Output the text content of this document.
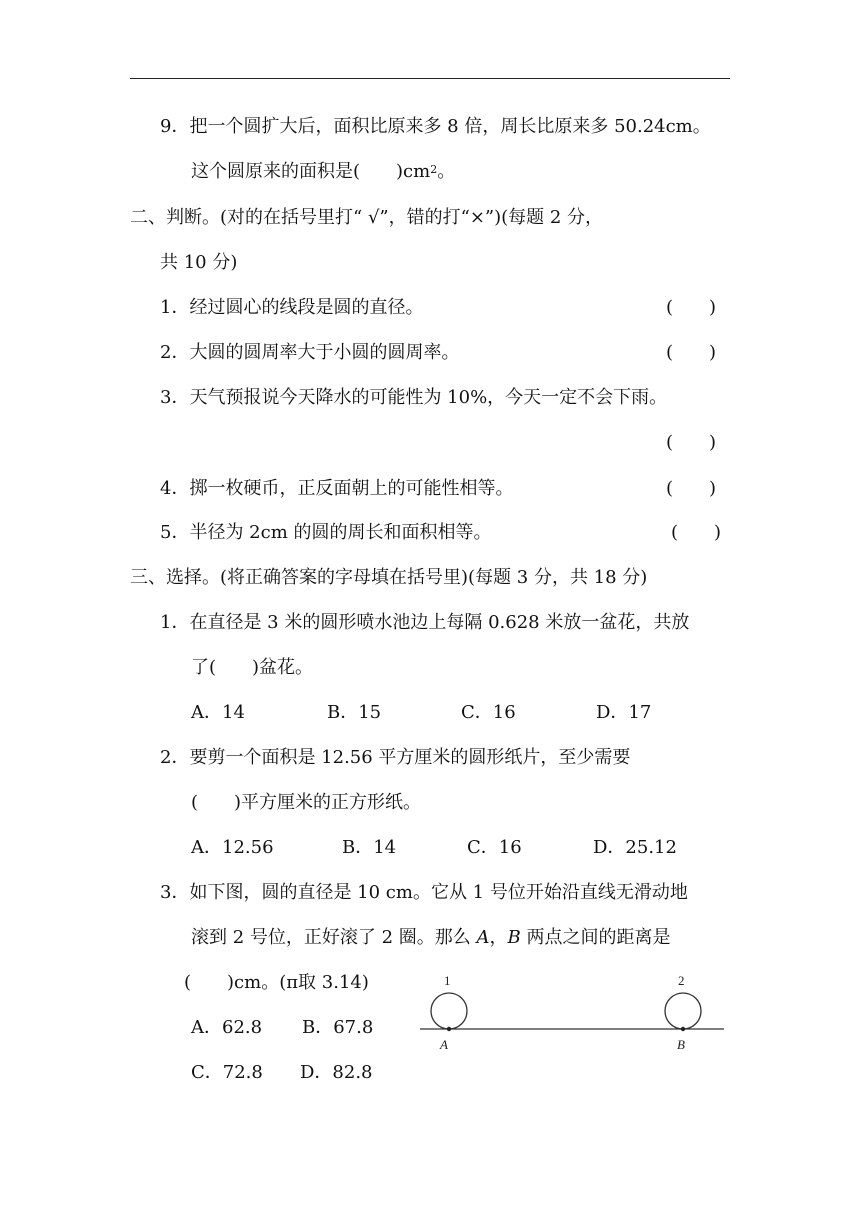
9．把一个圆扩大后，面积比原来多 8 倍，周长比原来多 50.24cm。
这个圆原来的面积是(　　)$cm^2$。
二、判断。(对的在括号里打“ √”，错的打“×”)(每题 2 分，
共 10 分)
1．经过圆心的线段是圆的直径。	(　　)
2．大圆的圆周率大于小圆的圆周率。	(　　)
3．天气预报说今天降水的可能性为 10%，今天一定不会下雨。
(　　)
4．掷一枚硬币，正反面朝上的可能性相等。	(　　)
5．半径为 2cm 的圆的周长和面积相等。	(　　)
三、选择。(将正确答案的字母填在括号里)(每题 3 分，共 18 分)
1．在直径是 3 米的圆形喷水池边上每隔 0.628 米放一盆花，共放
了(　　)盆花。
A．14	B．15	C．16	D．17
2．要剪一个面积是 12.56 平方厘米的圆形纸片，至少需要
(　　)平方厘米的正方形纸。
A．12.56	B．14	C．16	D．25.12
3．如下图，圆的直径是 10 cm。它从 1 号位开始沿直线无滑动地
滚到 2 号位，正好滚了 2 圈。那么 A，B 两点之间的距离是
(　　)cm。(π取 3.14)
A．62.8 B．67.8
C．72.8 D．82.8
1	2
A	B
